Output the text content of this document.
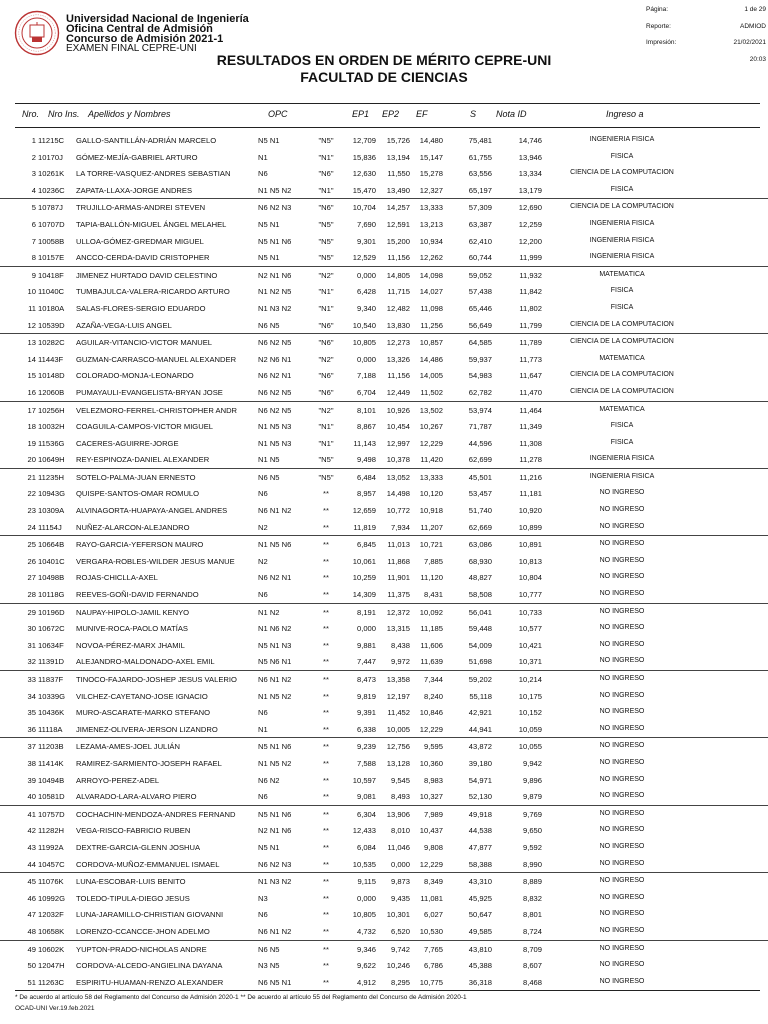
Universidad Nacional de Ingeniería
Oficina Central de Admisión
Concurso de Admisión 2021-1
EXAMEN FINAL CEPRE-UNI
Página:	1 de 29
Reporte:	ADMIOD
Impresión:	21/02/2021
20:03
RESULTADOS EN ORDEN DE MÉRITO CEPRE-UNI
FACULTAD DE CIENCIAS
Nro. Nro Ins. Apellidos y Nombres	OPC	EP1 EP2 EF	S Nota ID	Ingreso a
1 11215C	GALLO-SANTILLÁN-ADRIÁN MARCELO	N5 N1	"N5"	12,709	15,726	14,480	75,481	14,746	INGENIERÍA FÍSICA
2 10170J	GÓMEZ-MEJÍA-GABRIEL ARTURO	N1	"N1"	15,836	13,194	15,147	61,755	13,946	FÍSICA
3 10261K	LA TORRE-VASQUEZ-ANDRES SEBASTIAN	N6	"N6"	12,630	11,550	15,278	63,556	13,334	CIENCIA DE LA COMPUTACIÓN
4 10236C	ZAPATA-LLAXA-JORGE ANDRES	N1 N5 N2	"N1"	15,470	13,490	12,327	65,197	13,179	FÍSICA
5 10787J	TRUJILLO-ARMAS-ANDREI STEVEN	N6 N2 N3	"N6"	10,704	14,257	13,333	57,309	12,690	CIENCIA DE LA COMPUTACIÓN
6 10707D	TAPIA-BALLÓN-MIGUEL ÁNGEL MELAHEL	N5 N1	"N5"	7,690	12,591	13,213	63,387	12,259	INGENIERÍA FÍSICA
7 10058B	ULLOA-GÓMEZ-GREDMAR MIGUEL	N5 N1 N6	"N5"	9,301	15,200	10,934	62,410	12,200	INGENIERÍA FÍSICA
8 10157E	ANCCO-CERDA-DAVID CRISTOPHER	N5 N1	"N5"	12,529	11,156	12,262	60,744	11,999	INGENIERÍA FÍSICA
9 10418F	JIMENEZ HURTADO DAVID CELESTINO	N2 N1 N6	"N2"	0,000	14,805	14,098	59,052	11,932	MATEMÁTICA
10 11040C	TUMBAJULCA-VALERA-RICARDO ARTURO	N1 N2 N5	"N1"	6,428	11,715	14,027	57,438	11,842	FÍSICA
11 10180A	SALAS-FLORES-SERGIO EDUARDO	N1 N3 N2	"N1"	9,340	12,482	11,098	65,446	11,802	FÍSICA
12 10539D	AZAÑA-VEGA-LUIS ANGEL	N6 N5	"N6"	10,540	13,830	11,256	56,649	11,799	CIENCIA DE LA COMPUTACIÓN
13 10282C	AGUILAR-VITANCIO-VICTOR MANUEL	N6 N2 N5	"N6"	10,805	12,273	10,857	64,585	11,789	CIENCIA DE LA COMPUTACIÓN
14 11443F	GUZMAN-CARRASCO-MANUEL ALEXANDER	N2 N6 N1	"N2"	0,000	13,326	14,486	59,937	11,773	MATEMÁTICA
15 10148D	COLORADO-MONJA-LEONARDO	N6 N2 N1	"N6"	7,188	11,156	14,005	54,983	11,647	CIENCIA DE LA COMPUTACIÓN
16 12060B	PUMAYAULI-EVANGELISTA-BRYAN JOSE	N6 N2 N5	"N6"	6,704	12,449	11,502	62,782	11,470	CIENCIA DE LA COMPUTACIÓN
17 10256H	VELEZMORO-FERREL-CHRISTOPHER ANDR	N6 N2 N5	"N2"	8,101	10,926	13,502	53,974	11,464	MATEMÁTICA
18 10032H	COAGUILA-CAMPOS-VICTOR MIGUEL	N1 N5 N3	"N1"	8,867	10,454	10,267	71,787	11,349	FÍSICA
19 11536G	CACERES-AGUIRRE-JORGE	N1 N5 N3	"N1"	11,143	12,997	12,229	44,596	11,308	FÍSICA
20 10649H	REY-ESPINOZA-DANIEL ALEXANDER	N1 N5	"N5"	9,498	10,378	11,420	62,699	11,278	INGENIERÍA FÍSICA
21 11235H	SOTELO-PALMA-JUAN ERNESTO	N6 N5	"N5"	6,484	13,052	13,333	45,501	11,216	INGENIERÍA FÍSICA
22 10943G	QUISPE-SANTOS-OMAR ROMULO	N6	**	8,957	14,498	10,120	53,457	11,181	NO INGRESÓ
23 10309A	ALVINAGORTA-HUAPAYA-ANGEL ANDRES	N6 N1 N2	**	12,659	10,772	10,918	51,740	10,920	NO INGRESÓ
24 11154J	NUÑEZ-ALARCON-ALEJANDRO	N2	**	11,819	7,934	11,207	62,669	10,899	NO INGRESÓ
25 10664B	RAYO-GARCIA-YEFERSON MAURO	N1 N5 N6	**	6,845	11,013	10,721	63,086	10,891	NO INGRESÓ
26 10401C	VERGARA-ROBLES-WILDER JESUS MANUE	N2	**	10,061	11,868	7,885	68,930	10,813	NO INGRESÓ
27 10498B	ROJAS-CHICLLA-AXEL	N6 N2 N1	**	10,259	11,901	11,120	48,827	10,804	NO INGRESÓ
28 10118G	REEVES-GOÑI-DAVID FERNANDO	N6	**	14,309	11,375	8,431	58,508	10,777	NO INGRESÓ
29 10196D	NAUPAY-HIPOLO-JAMIL KENYO	N1 N2	**	8,191	12,372	10,092	56,041	10,733	NO INGRESÓ
30 10672C	MUNIVE-ROCA-PAOLO MATÍAS	N1 N6 N2	**	0,000	13,315	11,185	59,448	10,577	NO INGRESÓ
31 10634F	NOVOA-PÉREZ-MARX JHAMIL	N5 N1 N3	**	9,881	8,438	11,606	54,009	10,421	NO INGRESÓ
32 11391D	ALEJANDRO-MALDONADO-AXEL EMIL	N5 N6 N1	**	7,447	9,972	11,639	51,698	10,371	NO INGRESÓ
33 11837F	TINOCO-FAJARDO-JOSHEP JESUS VALERIO	N6 N1 N2	**	8,473	13,358	7,344	59,202	10,214	NO INGRESÓ
34 10339G	VILCHEZ-CAYETANO-JOSE IGNACIO	N1 N5 N2	**	9,819	12,197	8,240	55,118	10,175	NO INGRESÓ
35 10436K	MURO-ASCARATE-MARKO STEFANO	N6	**	9,391	11,452	10,846	42,921	10,152	NO INGRESÓ
36 11118A	JIMENEZ-OLIVERA-JERSON LIZANDRO	N1	**	6,338	10,005	12,229	44,941	10,059	NO INGRESÓ
37 11203B	LEZAMA-AMES-JOEL JULIÁN	N5 N1 N6	**	9,239	12,756	9,595	43,872	10,055	NO INGRESÓ
38 11414K	RAMIREZ-SARMIENTO-JOSEPH RAFAEL	N1 N5 N2	**	7,588	13,128	10,360	39,180	9,942	NO INGRESÓ
39 10494B	ARROYO-PEREZ-ADEL	N6 N2	**	10,597	9,545	8,983	54,971	9,896	NO INGRESÓ
40 10581D	ALVARADO-LARA-ALVARO PIERO	N6	**	9,081	8,493	10,327	52,130	9,879	NO INGRESÓ
41 10757D	COCHACHIN-MENDOZA-ANDRES FERNAND	N5 N1 N6	**	6,304	13,906	7,989	49,918	9,769	NO INGRESÓ
42 11282H	VEGA-RISCO-FABRICIO RUBEN	N2 N1 N6	**	12,433	8,010	10,437	44,538	9,650	NO INGRESÓ
43 11992A	DEXTRE-GARCIA-GLENN JOSHUA	N5 N1	**	6,084	11,046	9,808	47,877	9,592	NO INGRESÓ
44 10457C	CORDOVA-MUÑOZ-EMMANUEL ISMAEL	N6 N2 N3	**	10,535	0,000	12,229	58,388	8,990	NO INGRESÓ
45 11076K	LUNA-ESCOBAR-LUIS BENITO	N1 N3 N2	**	9,115	9,873	8,349	43,310	8,889	NO INGRESÓ
46 10992G	TOLEDO-TIPULA-DIEGO JESUS	N3	**	0,000	9,435	11,081	45,925	8,832	NO INGRESÓ
47 12032F	LUNA-JARAMILLO-CHRISTIAN GIOVANNI	N6	**	10,805	10,301	6,027	50,647	8,801	NO INGRESÓ
48 10658K	LORENZO-CCANCCE-JHON ADELMO	N6 N1 N2	**	4,732	6,520	10,530	49,585	8,724	NO INGRESÓ
49 10602K	YUPTON-PRADO-NICHOLAS ANDRE	N6 N5	**	9,346	9,742	7,765	43,810	8,709	NO INGRESÓ
50 12047H	CORDOVA-ALCEDO-ANGIELINA DAYANA	N3 N5	**	9,622	10,246	6,786	45,388	8,607	NO INGRESÓ
51 11263C	ESPIRITU-HUAMAN-RENZO ALEXANDER	N6 N5 N1	**	4,912	8,295	10,775	36,318	8,468	NO INGRESÓ
* De acuerdo al artículo 58 del Reglamento del Concurso de Admisión 2020-1 ** De acuerdo al artículo 55 del Reglamento del Concurso de Admisión 2020-1
OCAD-UNI Ver.19.feb.2021
